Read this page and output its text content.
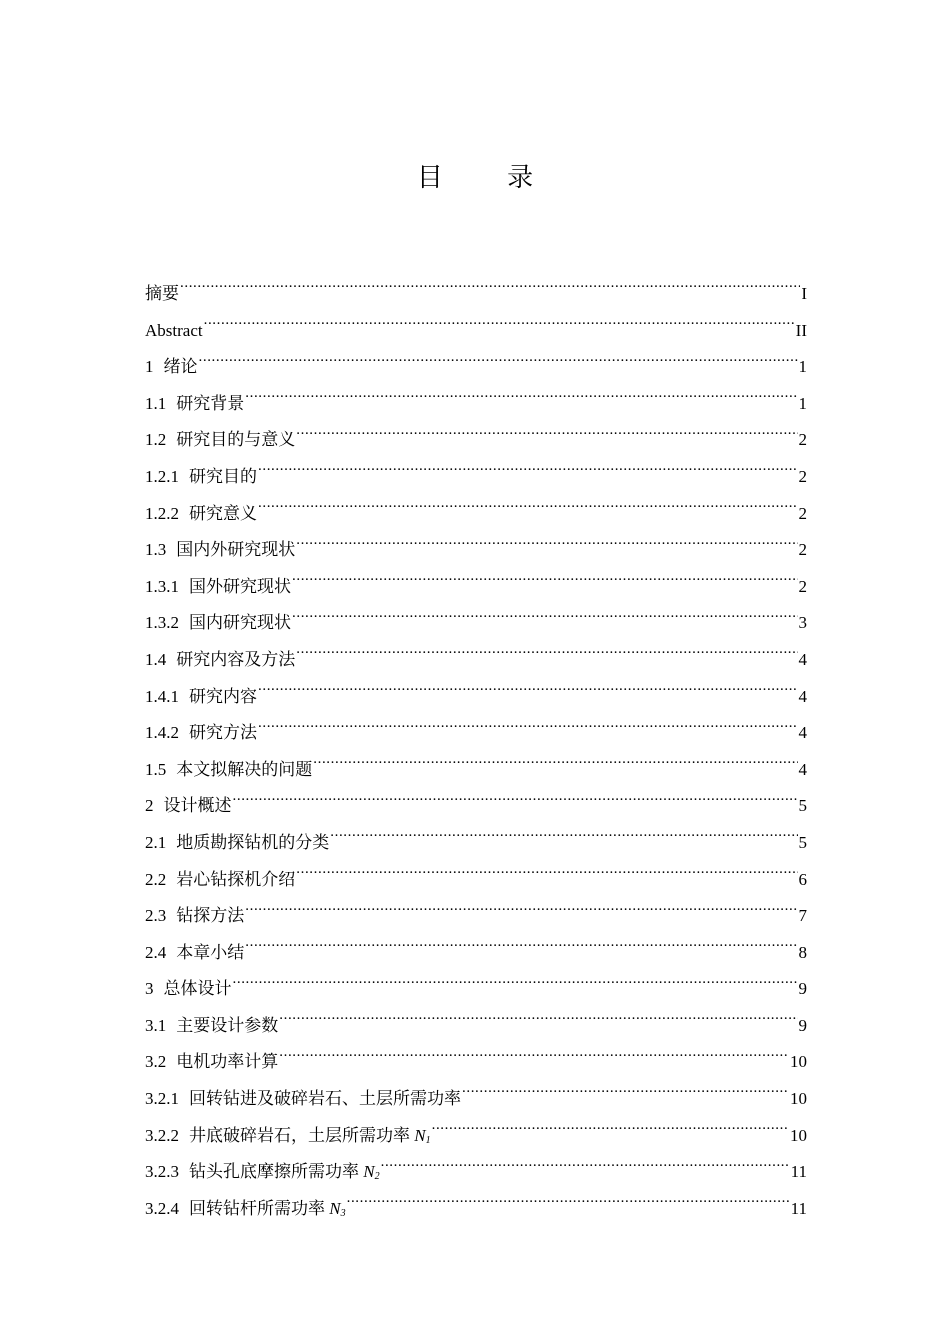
目 录
摘要 .....	I
Abstract .....	II
1 绪论 .....	1
1.1 研究背景 .....	1
1.2 研究目的与意义 .....	2
1.2.1 研究目的 .....	2
1.2.2 研究意义 .....	2
1.3 国内外研究现状 .....	2
1.3.1 国外研究现状 .....	2
1.3.2 国内研究现状 .....	3
1.4 研究内容及方法 .....	4
1.4.1 研究内容 .....	4
1.4.2 研究方法 .....	4
1.5 本文拟解决的问题 .....	4
2 设计概述 .....	5
2.1 地质勘探钻机的分类 .....	5
2.2 岩心钻探机介绍 .....	6
2.3 钻探方法 .....	7
2.4 本章小结 .....	8
3 总体设计 .....	9
3.1 主要设计参数 .....	9
3.2 电机功率计算 .....	10
3.2.1 回转钻进及破碎岩石、土层所需功率 .....	10
3.2.2 井底破碎岩石，土层所需功率 $N_1$ .....	10
3.2.3 钻头孔底摩擦所需功率 $N_2$ .....	11
3.2.4 回转钻杆所需功率 $N_3$ .....	11
